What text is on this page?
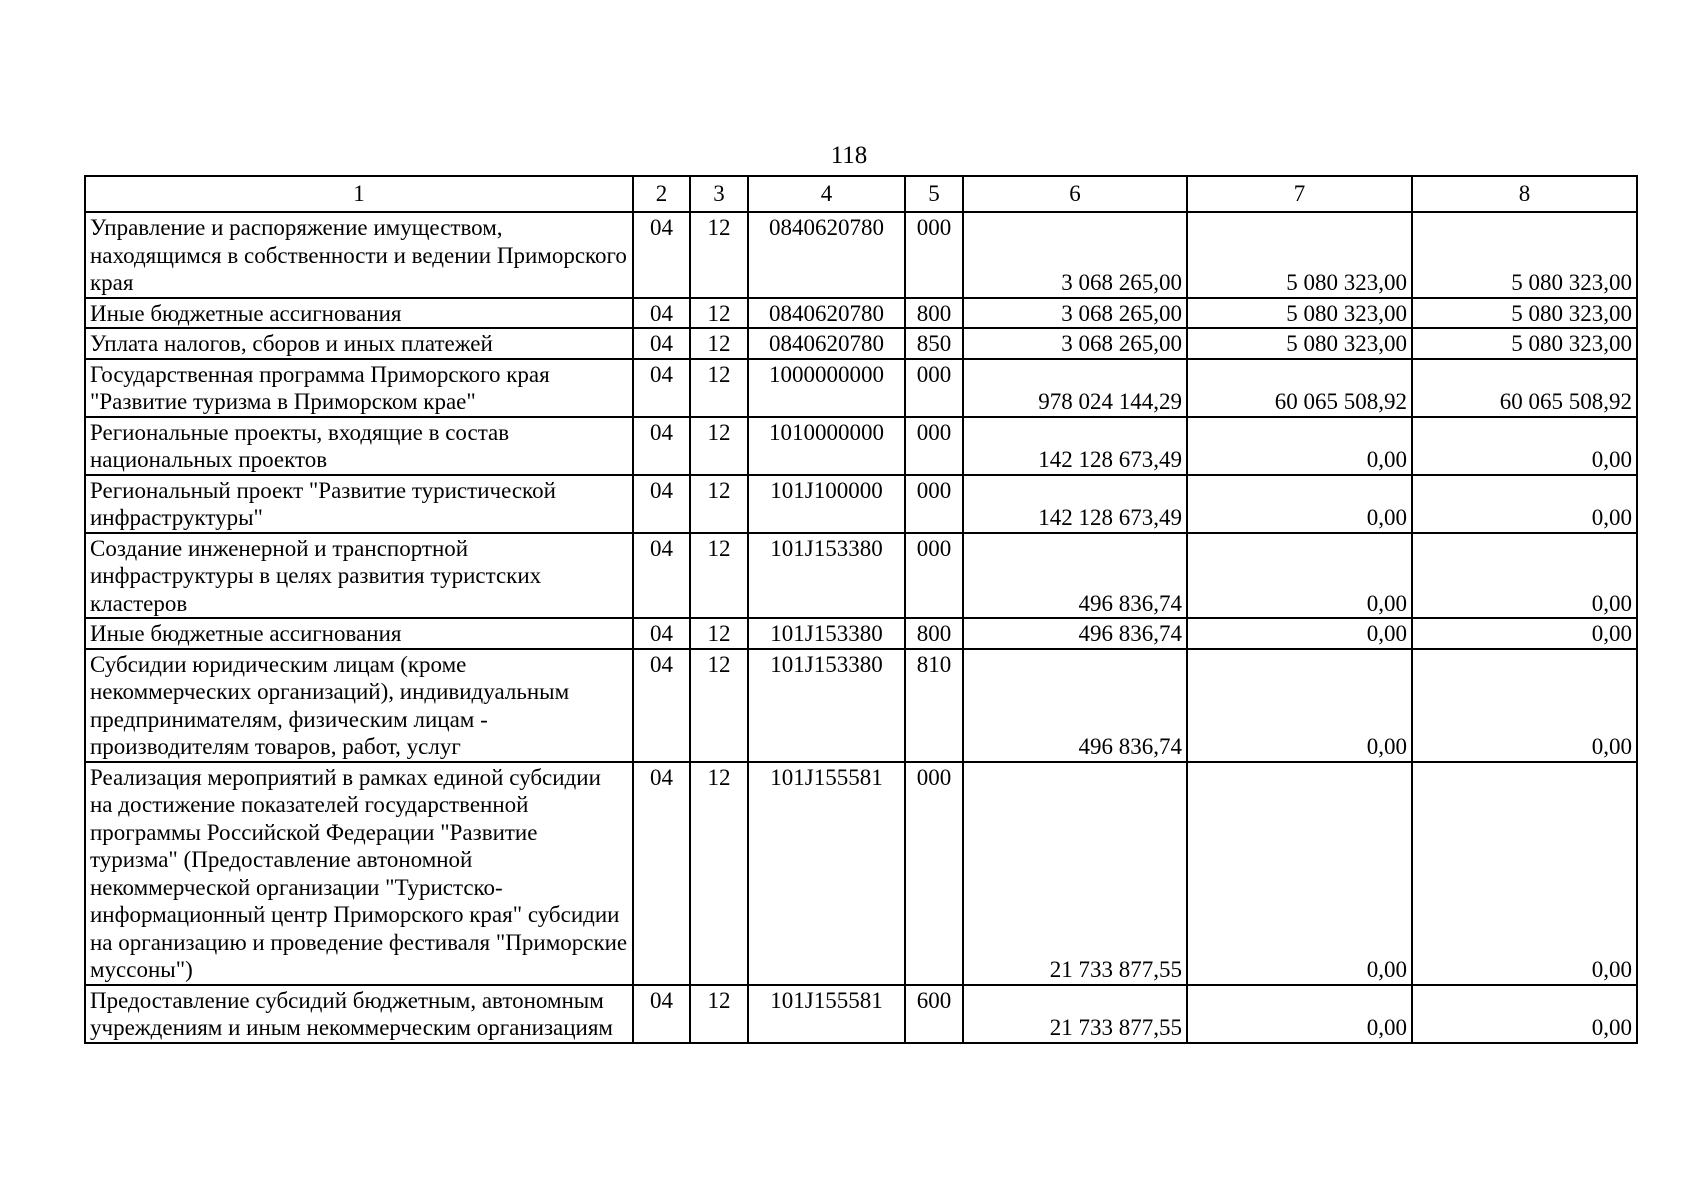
118
1	2	3	4	5	6	7	8
Управление и распоряжение имуществом, находящимся в собственности и ведении Приморского края	04	12	0840620780	000	3 068 265,00	5 080 323,00	5 080 323,00
Иные бюджетные ассигнования	04	12	0840620780	800	3 068 265,00	5 080 323,00	5 080 323,00
Уплата налогов, сборов и иных платежей	04	12	0840620780	850	3 068 265,00	5 080 323,00	5 080 323,00
Государственная программа Приморского края "Развитие туризма в Приморском крае"	04	12	1000000000	000	978 024 144,29	60 065 508,92	60 065 508,92
Региональные проекты, входящие в состав национальных проектов	04	12	1010000000	000	142 128 673,49	0,00	0,00
Региональный проект "Развитие туристической инфраструктуры"	04	12	101J100000	000	142 128 673,49	0,00	0,00
Создание инженерной и транспортной инфраструктуры в целях развития туристских кластеров	04	12	101J153380	000	496 836,74	0,00	0,00
Иные бюджетные ассигнования	04	12	101J153380	800	496 836,74	0,00	0,00
Субсидии юридическим лицам (кроме некоммерческих организаций), индивидуальным предпринимателям, физическим лицам - производителям товаров, работ, услуг	04	12	101J153380	810	496 836,74	0,00	0,00
Реализация мероприятий в рамках единой субсидии на достижение показателей государственной программы Российской Федерации "Развитие туризма" (Предоставление автономной некоммерческой организации "Туристско-информационный центр Приморского края" субсидии на организацию и проведение фестиваля "Приморские муссоны")	04	12	101J155581	000	21 733 877,55	0,00	0,00
Предоставление субсидий бюджетным, автономным учреждениям и иным некоммерческим организациям	04	12	101J155581	600	21 733 877,55	0,00	0,00
